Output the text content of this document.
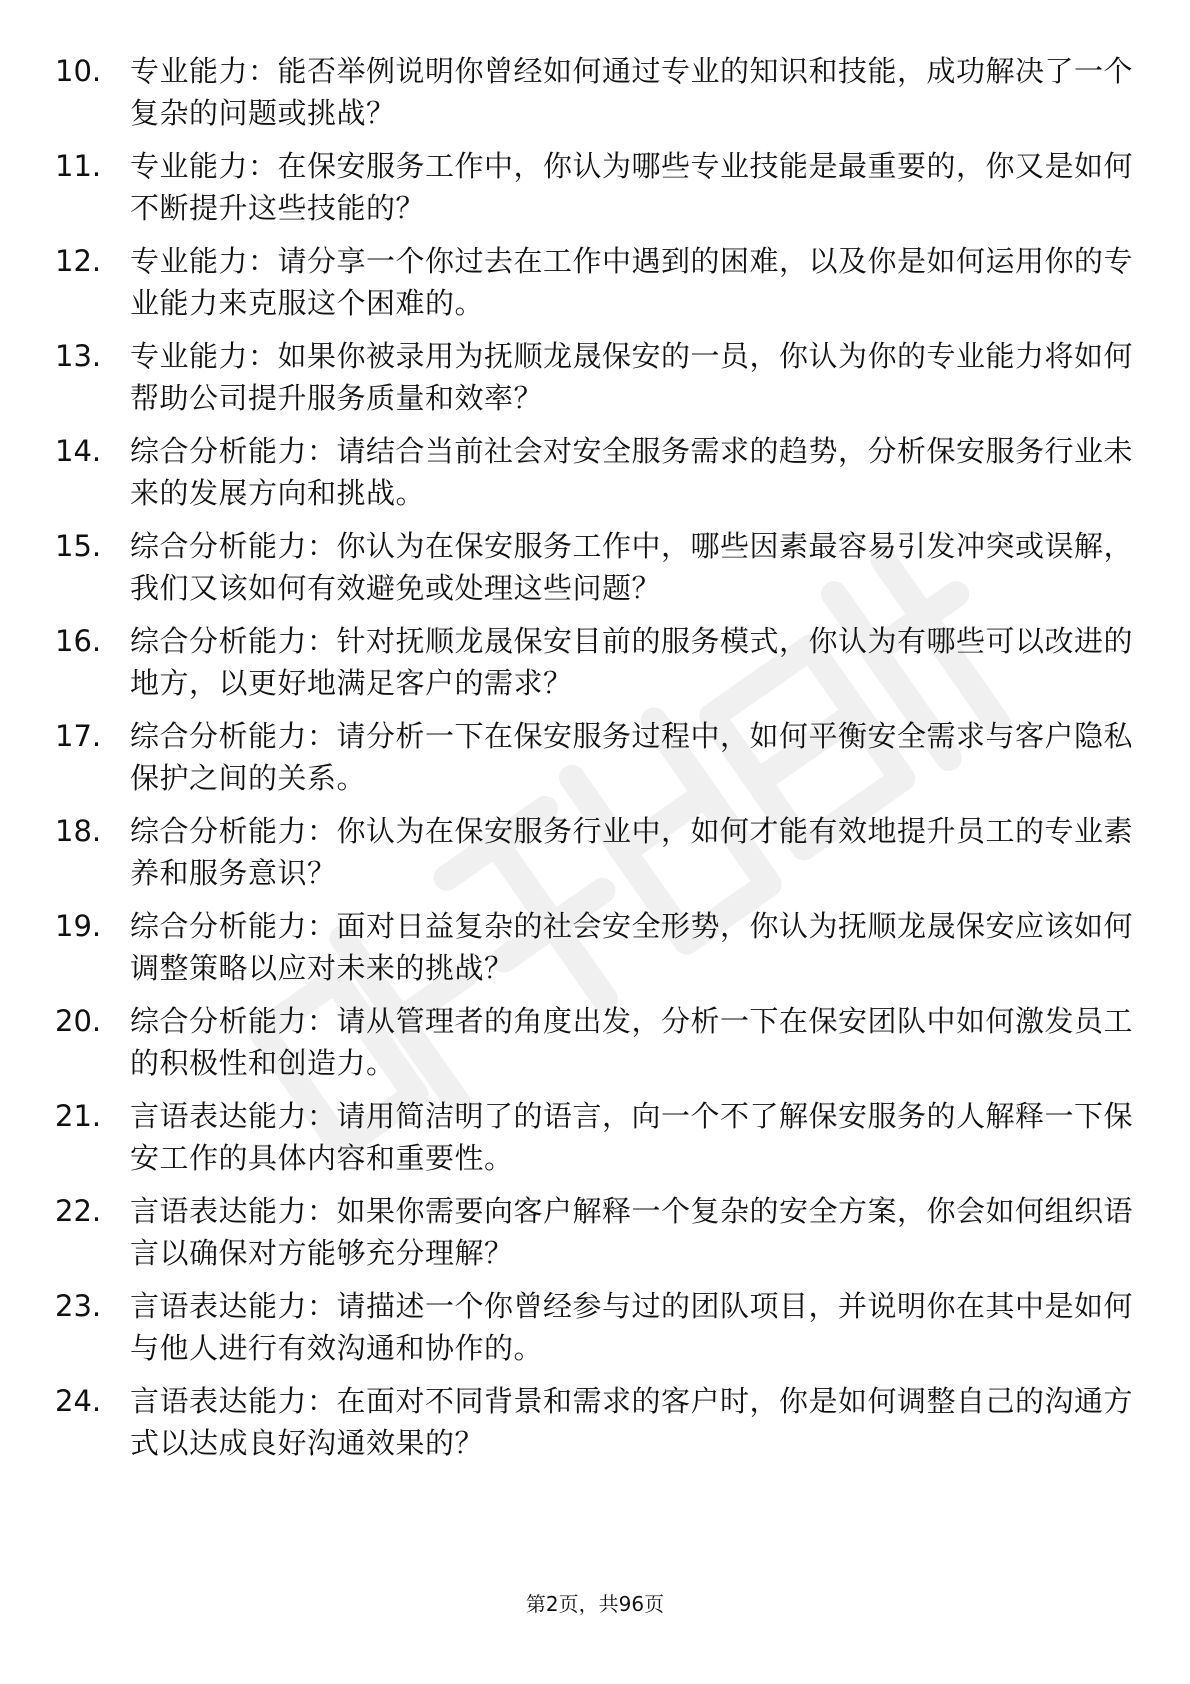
10. 专业能力：能否举例说明你曾经如何通过专业的知识和技能，成功解决了一个复杂的问题或挑战？
11. 专业能力：在保安服务工作中，你认为哪些专业技能是最重要的，你又是如何不断提升这些技能的？
12. 专业能力：请分享一个你过去在工作中遇到的困难，以及你是如何运用你的专业能力来克服这个困难的。
13. 专业能力：如果你被录用为抚顺龙晟保安的一员，你认为你的专业能力将如何帮助公司提升服务质量和效率？
14. 综合分析能力：请结合当前社会对安全服务需求的趋势，分析保安服务行业未来的发展方向和挑战。
15. 综合分析能力：你认为在保安服务工作中，哪些因素最容易引发冲突或误解，我们又该如何有效避免或处理这些问题？
16. 综合分析能力：针对抚顺龙晟保安目前的服务模式，你认为有哪些可以改进的地方，以更好地满足客户的需求？
17. 综合分析能力：请分析一下在保安服务过程中，如何平衡安全需求与客户隐私保护之间的关系。
18. 综合分析能力：你认为在保安服务行业中，如何才能有效地提升员工的专业素养和服务意识？
19. 综合分析能力：面对日益复杂的社会安全形势，你认为抚顺龙晟保安应该如何调整策略以应对未来的挑战？
20. 综合分析能力：请从管理者的角度出发，分析一下在保安团队中如何激发员工的积极性和创造力。
21. 言语表达能力：请用简洁明了的语言，向一个不了解保安服务的人解释一下保安工作的具体内容和重要性。
22. 言语表达能力：如果你需要向客户解释一个复杂的安全方案，你会如何组织语言以确保对方能够充分理解？
23. 言语表达能力：请描述一个你曾经参与过的团队项目，并说明你在其中是如何与他人进行有效沟通和协作的。
24. 言语表达能力：在面对不同背景和需求的客户时，你是如何调整自己的沟通方式以达成良好沟通效果的？
第2页，共96页
